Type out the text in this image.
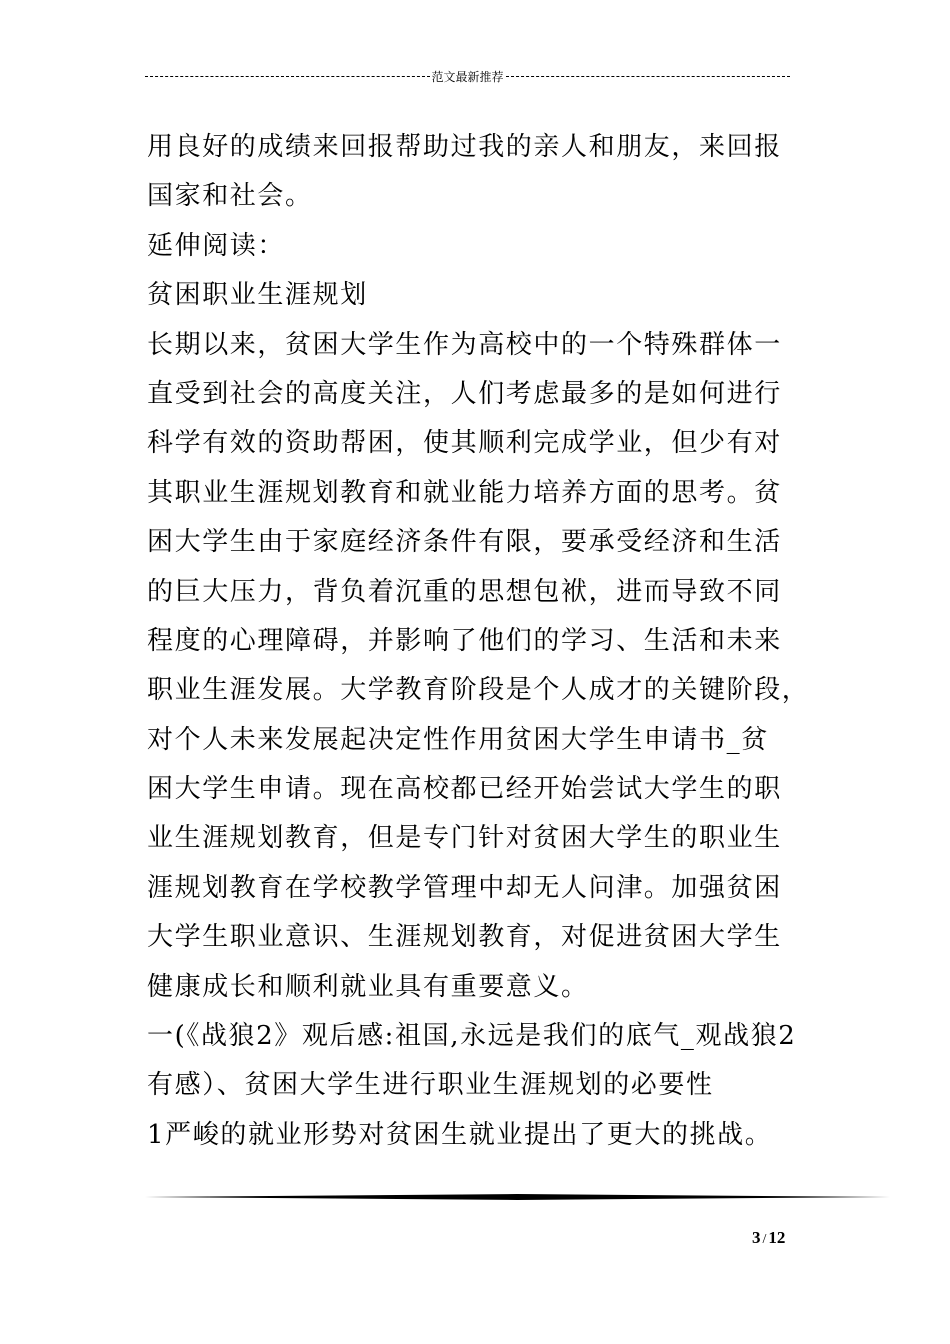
范文最新推荐
用良好的成绩来回报帮助过我的亲人和朋友，来回报
国家和社会。
延伸阅读：
贫困职业生涯规划
长期以来，贫困大学生作为高校中的一个特殊群体一
直受到社会的高度关注，人们考虑最多的是如何进行
科学有效的资助帮困，使其顺利完成学业，但少有对
其职业生涯规划教育和就业能力培养方面的思考。贫
困大学生由于家庭经济条件有限，要承受经济和生活
的巨大压力，背负着沉重的思想包袱，进而导致不同
程度的心理障碍，并影响了他们的学习、生活和未来
职业生涯发展。大学教育阶段是个人成才的关键阶段，
对个人未来发展起决定性作用贫困大学生申请书_贫
困大学生申请。现在高校都已经开始尝试大学生的职
业生涯规划教育，但是专门针对贫困大学生的职业生
涯规划教育在学校教学管理中却无人问津。加强贫困
大学生职业意识、生涯规划教育，对促进贫困大学生
健康成长和顺利就业具有重要意义。
一(《战狼2》观后感:祖国,永远是我们的底气_观战狼2
有感）、贫困大学生进行职业生涯规划的必要性
1严峻的就业形势对贫困生就业提出了更大的挑战。
3 / 12
